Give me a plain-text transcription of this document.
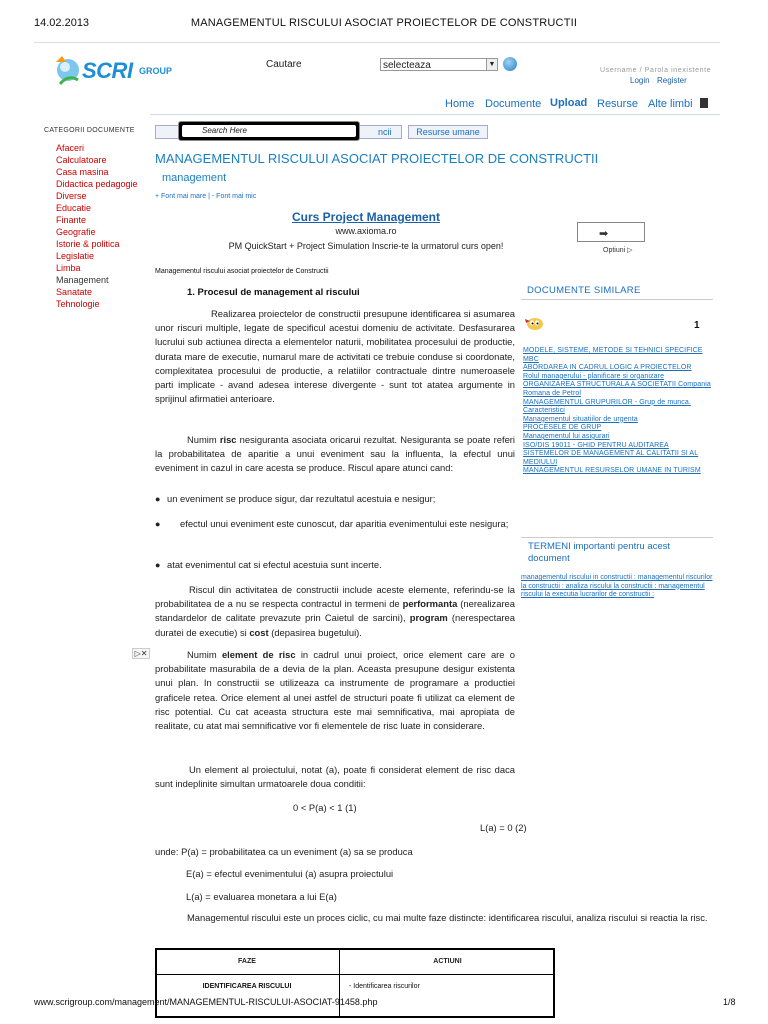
14.02.2013	MANAGEMENTUL RISCULUI ASOCIAT PROIECTELOR DE CONSTRUCTII
SCRI GROUP
Cautare	selecteaza	▼
Username / Parola inexistente
Login Register
Home Documente Upload Resurse Alte limbi
CATEGORII DOCUMENTE
Afaceri
Calculatoare
Casa masina
Didactica pedagogie
Diverse
Educatie
Finante
Geografie
Istorie & politica
Legislatie
Limba
Management
Sanatate
Tehnologie
ncii	Resurse umane
Search Here
MANAGEMENTUL RISCULUI ASOCIAT PROIECTELOR DE CONSTRUCTII
management
+ Font mai mare | - Font mai mic
Curs Project Management
www.axioma.ro
PM QuickStart + Project Simulation Inscrie-te la urmatorul curs open!
➡
Optiuni ▷
Managementul riscului asociat proiectelor de Constructii
1. Procesul de management al riscului
Realizarea proiectelor de constructii presupune identificarea si asumarea unor riscuri multiple, legate de specificul acestui domeniu de activitate. Desfasurarea lucrului sub actiunea directa a elementelor naturii, mobilitatea procesului de productie, durata mare de executie, numarul mare de activitati ce trebuie conduse si coordonate, complexitatea procesului de productie, a relatiilor contractuale dintre numeroasele parti implicate - avand adesea interese divergente - sunt tot atatea argumente in sprijinul afirmatiei anterioare.
Numim risc nesiguranta asociata oricarui rezultat. Nesiguranta se poate referi la probabilitatea de aparitie a unui eveniment sau la influenta, la efectul unui eveniment in cazul in care acesta se produce. Riscul apare atunci cand:
● un eveniment se produce sigur, dar rezultatul acestuia e nesigur;
● efectul unui eveniment este cunoscut, dar aparitia evenimentului este nesigura;
● atat evenimentul cat si efectul acestuia sunt incerte.
Riscul din activitatea de constructii include aceste elemente, referindu-se la probabilitatea de a nu se respecta contractul in termeni de performanta (nerealizarea standardelor de calitate prevazute prin Caietul de sarcini), program (nerespectarea duratei de executie) si cost (depasirea bugetului).
▷✕	Numim element de risc in cadrul unui proiect, orice element care are o probabilitate masurabila de a devia de la plan. Aceasta presupune desigur existenta unui plan. In constructii se utilizeaza ca instrumente de programare a productiei graficele retea. Orice element al unei astfel de structuri poate fi utilizat ca element de risc potential. Cu cat aceasta structura este mai semnificativa, mai apropiata de realitate, cu atat mai semnificative vor fi elementele de risc luate in considerare.
Un element al proiectului, notat (a), poate fi considerat element de risc daca sunt indeplinite simultan urmatoarele doua conditii:
0 < P(a) < 1 (1)
L(a) = 0 (2)
unde: P(a) = probabilitatea ca un eveniment (a) sa se produca
E(a) = efectul evenimentului (a) asupra proiectului
L(a) = evaluarea monetara a lui E(a)
Managementul riscului este un proces ciclic, cu mai multe faze distincte: identificarea riscului, analiza riscului si reactia la risc.
FAZE	ACTIUNI
IDENTIFICAREA RISCULUI	- Identificarea riscurilor
DOCUMENTE SIMILARE
1
MODELE, SISTEME, METODE SI TEHNICI SPECIFICE MBC
ABORDAREA IN CADRUL LOGIC A PROIECTELOR
Rolul managerului - planificare si organizare
ORGANIZAREA STRUCTURALA A SOCIETATII Compania Romana de Petrol
MANAGEMENTUL GRUPURILOR - Grup de munca. Caracteristici
Managementul situatiilor de urgenta
PROCESELE DE GRUP
Managementul lui asigurari
ISO/DIS 19011 - GHID PENTRU AUDITAREA SISTEMELOR DE MANAGEMENT AL CALITATII SI AL MEDIULUI
MANAGEMENTUL RESURSELOR UMANE IN TURISM
TERMENI importanti pentru acest document
managementul riscului in constructii : managementul riscurilor la constructii : analiza riscului la constructii : managementul riscului la executia lucrarilor de constructii :
www.scrigroup.com/management/MANAGEMENTUL-RISCULUI-ASOCIAT-91458.php	1/8
